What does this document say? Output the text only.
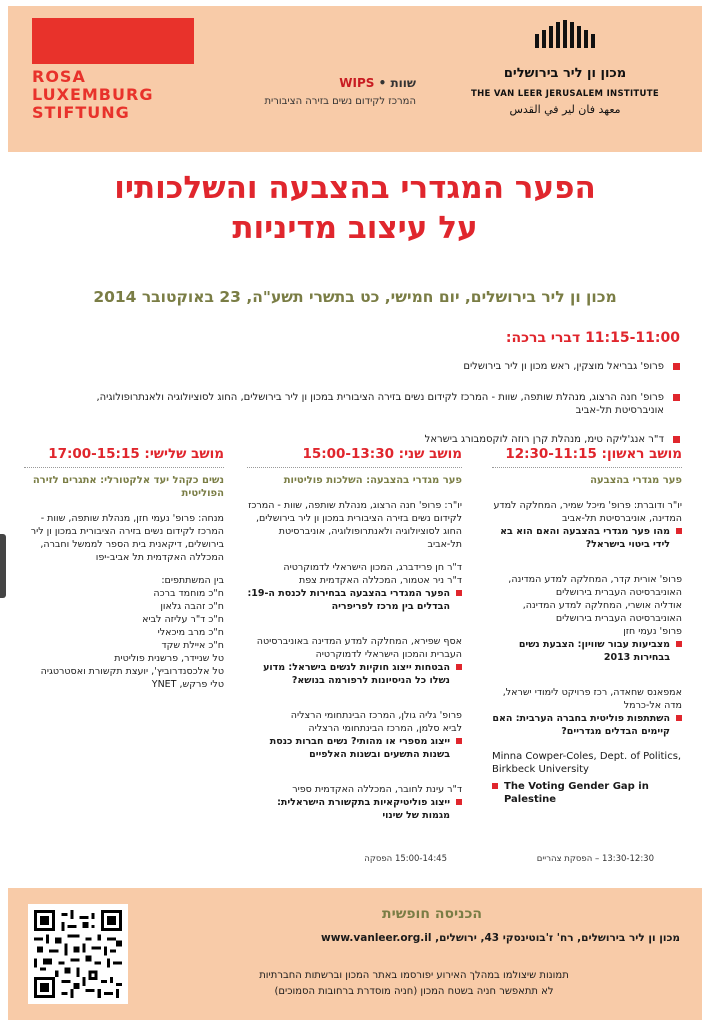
ROSA
LUXEMBURG
STIFTUNG
שוות • WIPS
המרכז לקידום נשים בזירה הציבורית
מכון ון ליר בירושלים
THE VAN LEER JERUSALEM INSTITUTE
معهد فان لير في القدس
הפער המגדרי בהצבעה והשלכותיו
על עיצוב מדיניות
מכון ון ליר בירושלים, יום חמישי, כט בתשרי תשע"ה, 23 באוקטובר 2014
11:15-11:00 דברי ברכה:
פרופ' גבריאל מוצקין, ראש מכון ון ליר בירושלים
פרופ' חנה הרצוג, מנהלת שותפה, שוות - המרכז לקידום נשים בזירה הציבורית במכון ון ליר בירושלים, החוג לסוציולוגיה ולאנתרופולוגיה, אוניברסיטת תל-אביב
ד"ר אנג'ליקה טימ, מנהלת קרן רוזה לוקסמבורג בישראל
מושב ראשון: 12:30-11:15
פער מגדרי בהצבעה
יו"ר ודוברת: פרופ' מיכל שמיר, המחלקה למדע המדינה, אוניברסיטת תל-אביב
מהו פער מגדרי בהצבעה והאם הוא בא לידי ביטוי בישראל?
פרופ' אורית קדר, המחלקה למדע המדינה, האוניברסיטה העברית בירושלים
אודליה אושרי, המחלקה למדע המדינה, האוניברסיטה העברית בירושלים
פרופ' נעמי חזן
מצביעות עבור שוויון: הצבעת נשים בבחירות 2013
אמפאנס שחאדה, רכז פרויקט לימודי ישראל, מדה אל-כרמל
השתתפות פוליטית בחברה הערבית: האם קיימים הבדלים מגדריים?
Minna Cowper-Coles, Dept. of Politics, Birkbeck University
The Voting Gender Gap in Palestine
מושב שני: 15:00-13:30
פער מגדרי בהצבעה: השלכות פוליטיות
יו"ר: פרופ' חנה הרצוג, מנהלת שותפה, שוות - המרכז לקידום נשים בזירה הציבורית במכון ון ליר בירושלים, החוג לסוציולוגיה ולאנתרופולוגיה, אוניברסיטת תל-אביב
ד"ר חן פרידברג, המכון הישראלי לדמוקרטיה
ד"ר ניר אטמור, המכללה האקדמית צפת
הפער המגדרי בהצבעה בבחירות לכנסת ה-19: הבדלים בין מרכז לפריפריה
אסף שפירא, המחלקה למדע המדינה באוניברסיטה העברית והמכון הישראלי לדמוקרטיה
הבטחות ייצוג חוקיות לנשים בישראל: מדוע נשלו כל הניסיונות לרפורמה בנושא?
פרופ' גליה גולן, המרכז הבינתחומי הרצליה
לביא סלמן, המרכז הבינתחומי הרצליה
ייצוג מספרי או מהותי? נשים חברות כנסת בשנות התשעים ובשנות האלפיים
ד"ר עינת לחובר, המכללה האקדמית ספיר
ייצוג פוליטיקאיות בתקשורת הישראלית: מגמות של שינוי
מושב שלישי: 17:00-15:15
נשים כקהל יעד אלקטורלי: אתגרים לזירה הפוליטית
מנחה: פרופ' נעמי חזן, מנהלת שותפה, שוות - המרכז לקידום נשים בזירה הציבורית במכון ון ליר בירושלים, דיקאנית בית הספר לממשל וחברה, המכללה האקדמית תל אביב-יפו
בין המשתתפים:
ח"כ מוחמד ברכה
ח"כ זהבה גלאון
ח"כ ד"ר עליזה לביא
ח"כ מרב מיכאלי
ח"כ איילת שקד
טל שניידר, פרשנית פוליטית
טל אלכסנדרוביץ', יועצת תקשורת ואסטרטגיה
טלי פרקש, YNET
13:30-12:30 – הפסקת צהריים
15:00-14:45 הפסקה
הכניסה חופשית
מכון ון ליר בירושלים, רח' ז'בוטינסקי 43, ירושלים, www.vanleer.org.il
תמונות שיצולמו במהלך האירוע יפורסמו באתר המכון וברשתות החברתיות
לא תתאפשר חניה בשטח המכון (חניה מוסדרת ברחובות הסמוכים)
